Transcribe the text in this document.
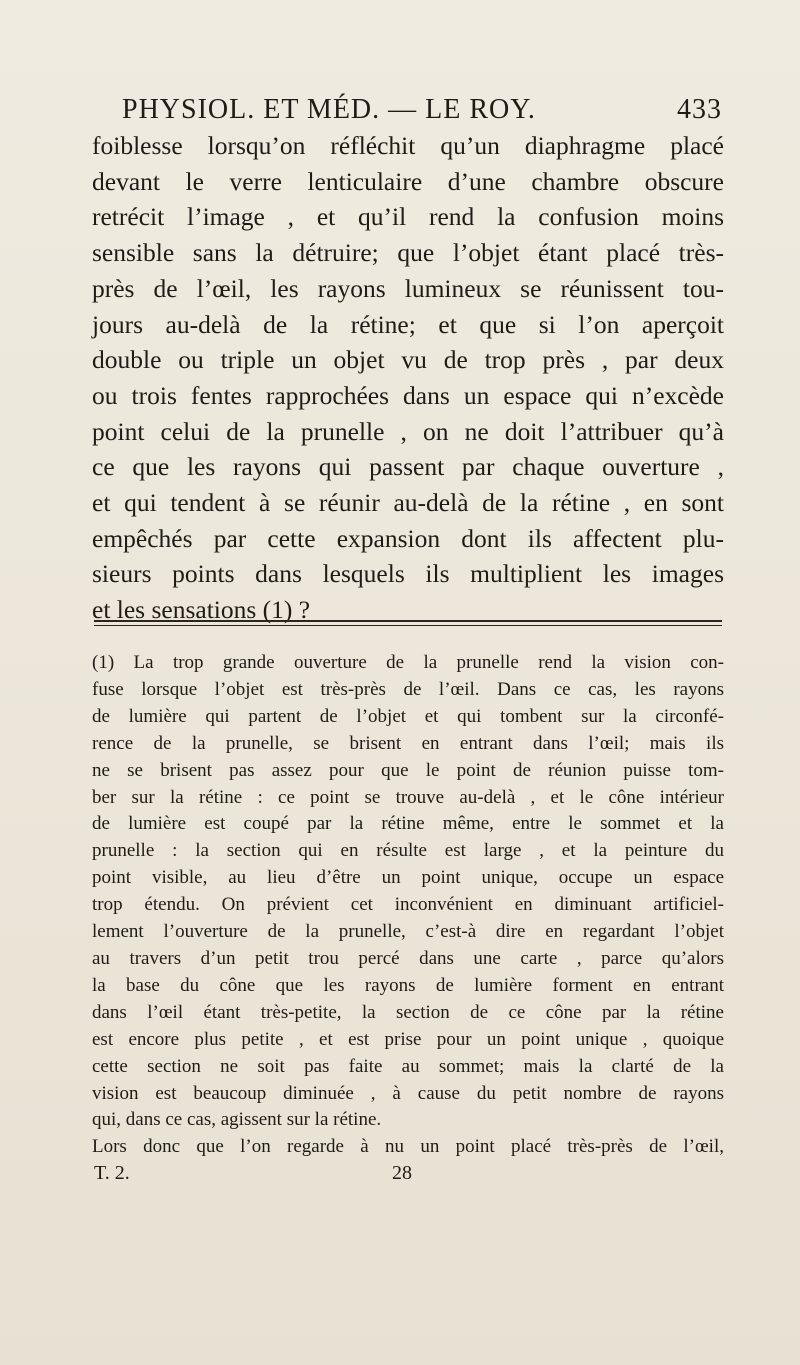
PHYSIOL. ET MÉD. — LE ROY.	433
foiblesse lorsqu’on réfléchit qu’un diaphragme placé
devant le verre lenticulaire d’une chambre obscure
retrécit l’image , et qu’il rend la confusion moins
sensible sans la détruire; que l’objet étant placé très-
près de l’œil, les rayons lumineux se réunissent tou-
jours au-delà de la rétine; et que si l’on aperçoit
double ou triple un objet vu de trop près , par deux
ou trois fentes rapprochées dans un espace qui n’excède
point celui de la prunelle , on ne doit l’attribuer qu’à
ce que les rayons qui passent par chaque ouverture ,
et qui tendent à se réunir au-delà de la rétine , en sont
empêchés par cette expansion dont ils affectent plu-
sieurs points dans lesquels ils multiplient les images
et les sensations (1) ?
(1) La trop grande ouverture de la prunelle rend la vision con-
fuse lorsque l’objet est très-près de l’œil. Dans ce cas, les rayons
de lumière qui partent de l’objet et qui tombent sur la circonfé-
rence de la prunelle, se brisent en entrant dans l’œil; mais ils
ne se brisent pas assez pour que le point de réunion puisse tom-
ber sur la rétine : ce point se trouve au-delà , et le cône intérieur
de lumière est coupé par la rétine même, entre le sommet et la
prunelle : la section qui en résulte est large , et la peinture du
point visible, au lieu d’être un point unique, occupe un espace
trop étendu. On prévient cet inconvénient en diminuant artificiel-
lement l’ouverture de la prunelle, c’est-à dire en regardant l’objet
au travers d’un petit trou percé dans une carte , parce qu’alors
la base du cône que les rayons de lumière forment en entrant
dans l’œil étant très-petite, la section de ce cône par la rétine
est encore plus petite , et est prise pour un point unique , quoique
cette section ne soit pas faite au sommet; mais la clarté de la
vision est beaucoup diminuée , à cause du petit nombre de rayons
qui, dans ce cas, agissent sur la rétine.
Lors donc que l’on regarde à nu un point placé très-près de l’œil,
T. 2.	28
